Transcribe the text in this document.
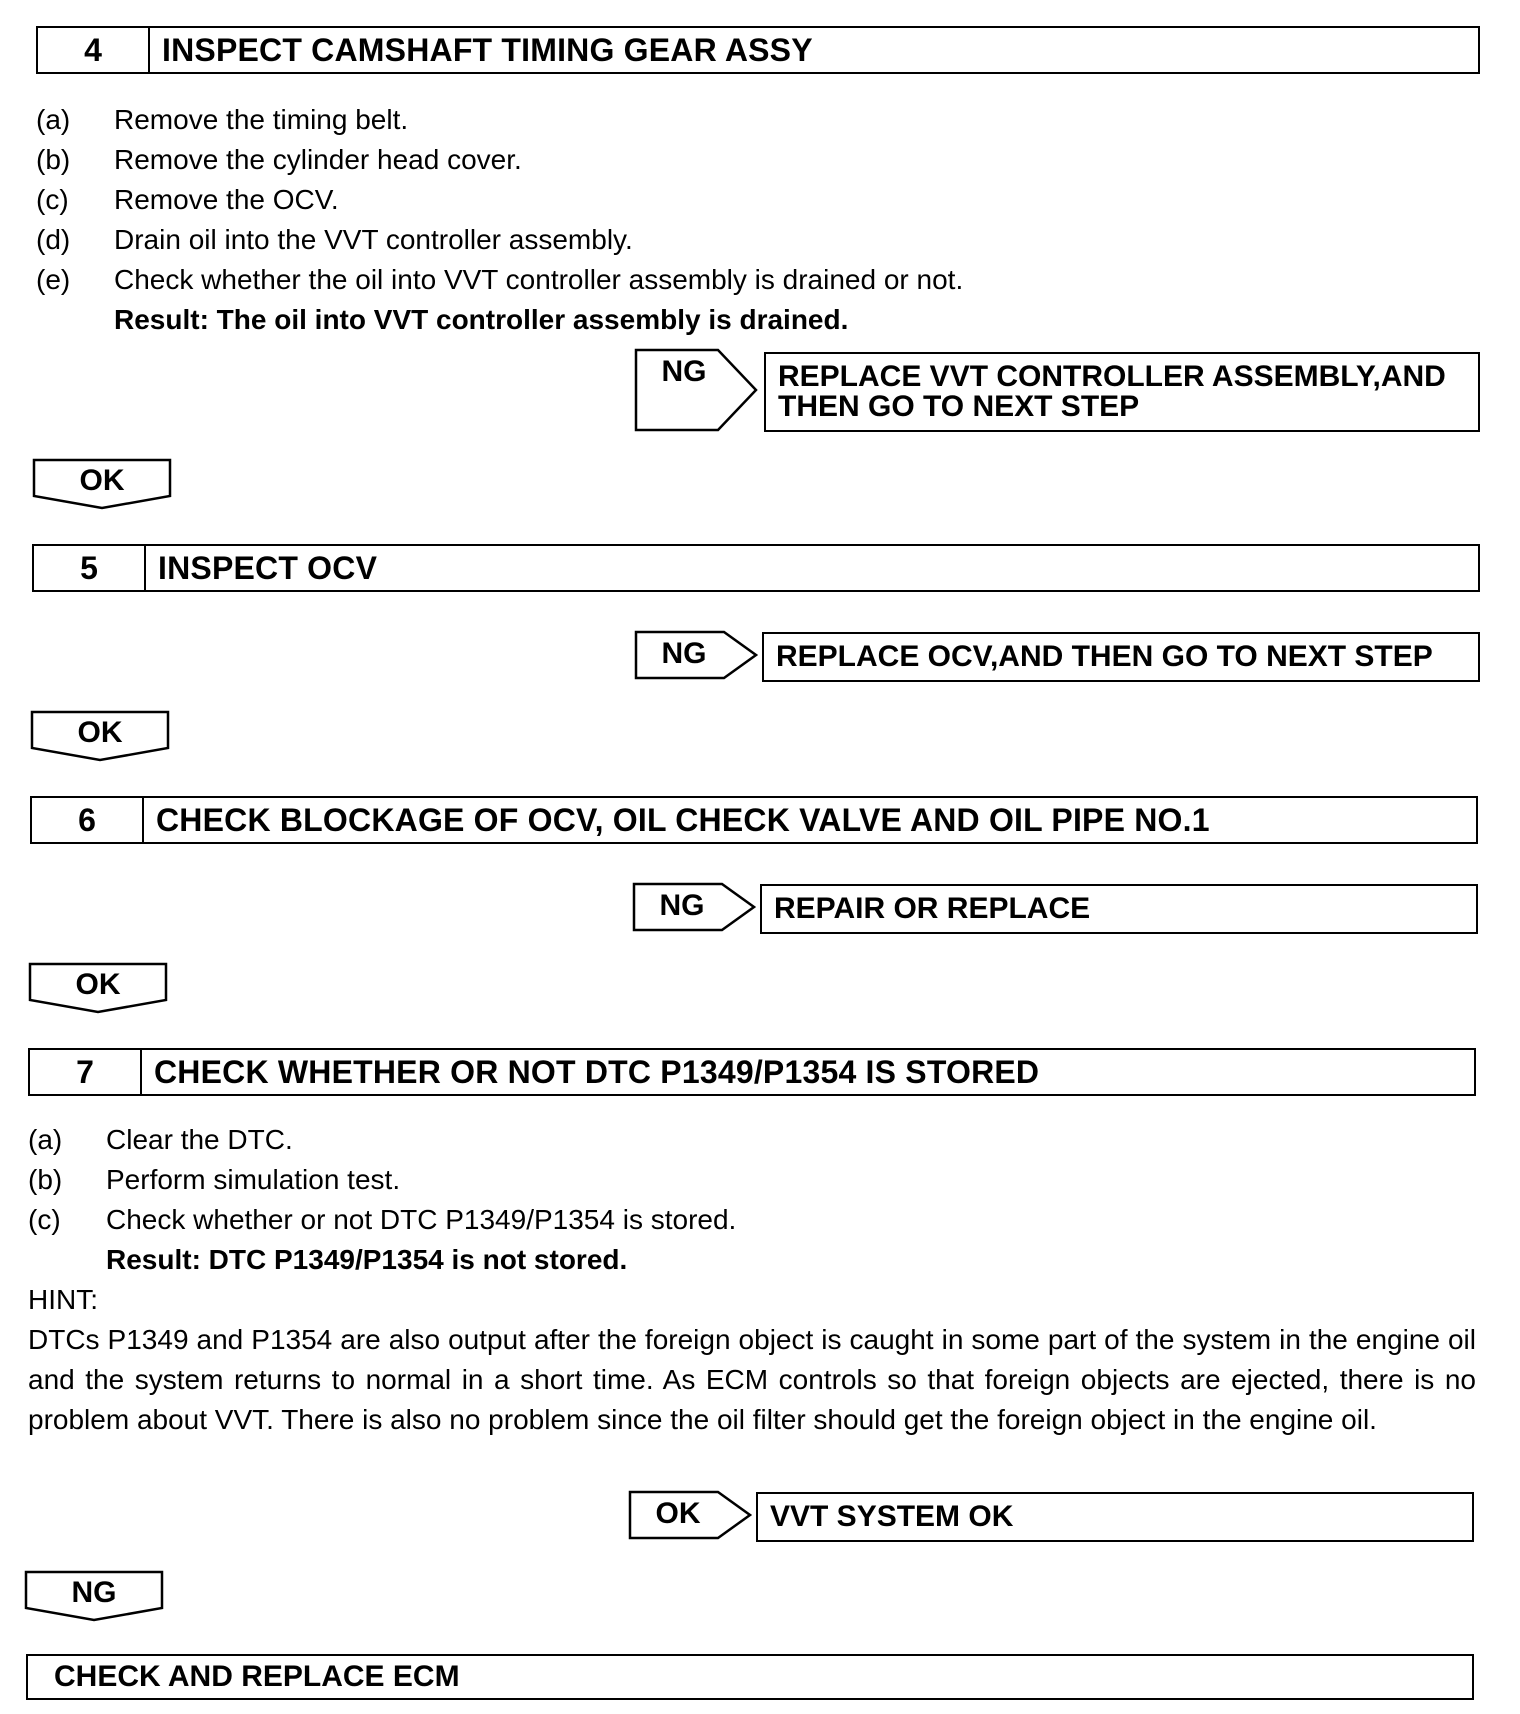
4	INSPECT CAMSHAFT TIMING GEAR ASSY
(a)	Remove the timing belt.
(b)	Remove the cylinder head cover.
(c)	Remove the OCV.
(d)	Drain oil into the VVT controller assembly.
(e)	Check whether the oil into VVT controller assembly is drained or not.
Result: The oil into VVT controller assembly is drained.
NG	REPLACE VVT CONTROLLER ASSEMBLY,AND
THEN GO TO NEXT STEP
OK
5	INSPECT OCV
NG	REPLACE OCV,AND THEN GO TO NEXT STEP
OK
6	CHECK BLOCKAGE OF OCV, OIL CHECK VALVE AND OIL PIPE NO.1
NG	REPAIR OR REPLACE
OK
7	CHECK WHETHER OR NOT DTC P1349/P1354 IS STORED
(a)	Clear the DTC.
(b)	Perform simulation test.
(c)	Check whether or not DTC P1349/P1354 is stored.
Result: DTC P1349/P1354 is not stored.
HINT:
DTCs P1349 and P1354 are also output after the foreign object is caught in some part of the system in the engine oil and the system returns to normal in a short time. As ECM controls so that foreign objects are ejected, there is no problem about VVT. There is also no problem since the oil filter should get the foreign object in the engine oil.
OK	VVT SYSTEM OK
NG
CHECK AND REPLACE ECM
